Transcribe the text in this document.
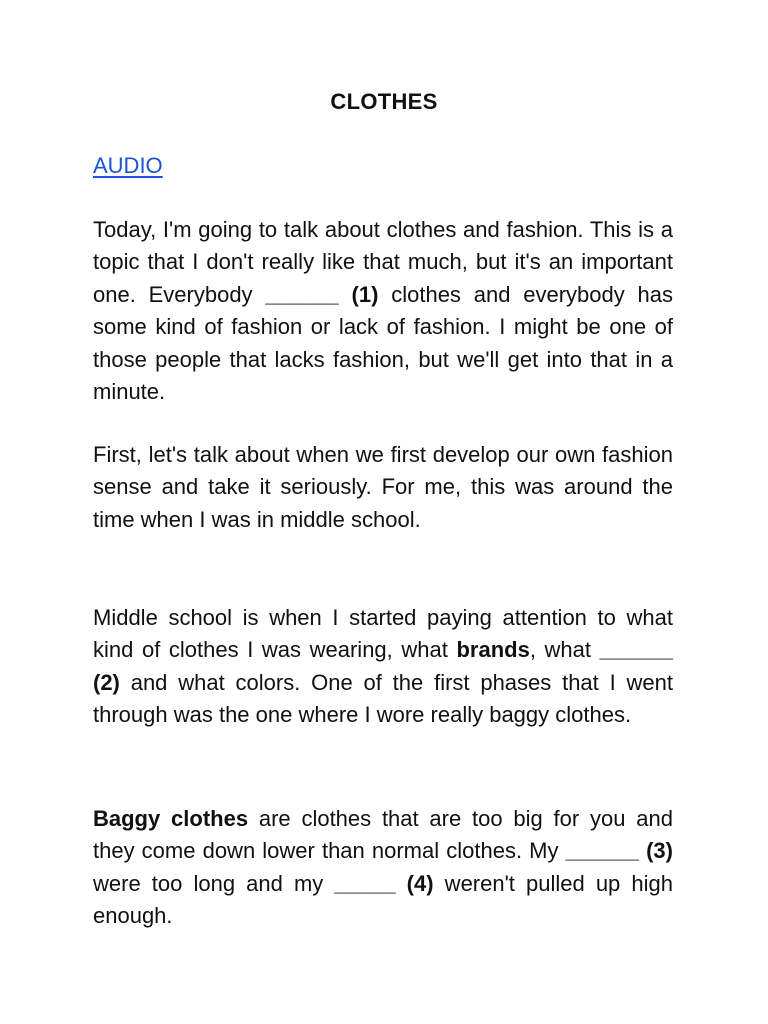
CLOTHES
AUDIO

Today, I'm going to talk about clothes and fashion. This is a topic that I don't really like that much, but it's an important one. Everybody ______ (1) clothes and everybody has some kind of fashion or lack of fashion. I might be one of those people that lacks fashion, but we'll get into that in a minute.

First, let's talk about when we first develop our own fashion sense and take it seriously. For me, this was around the time when I was in middle school.

Middle school is when I started paying attention to what kind of clothes I was wearing, what brands, what ______ (2) and what colors. One of the first phases that I went through was the one where I wore really baggy clothes.

Baggy clothes are clothes that are too big for you and they come down lower than normal clothes. My ______ (3) were too long and my _____ (4) weren't pulled up high enough.
